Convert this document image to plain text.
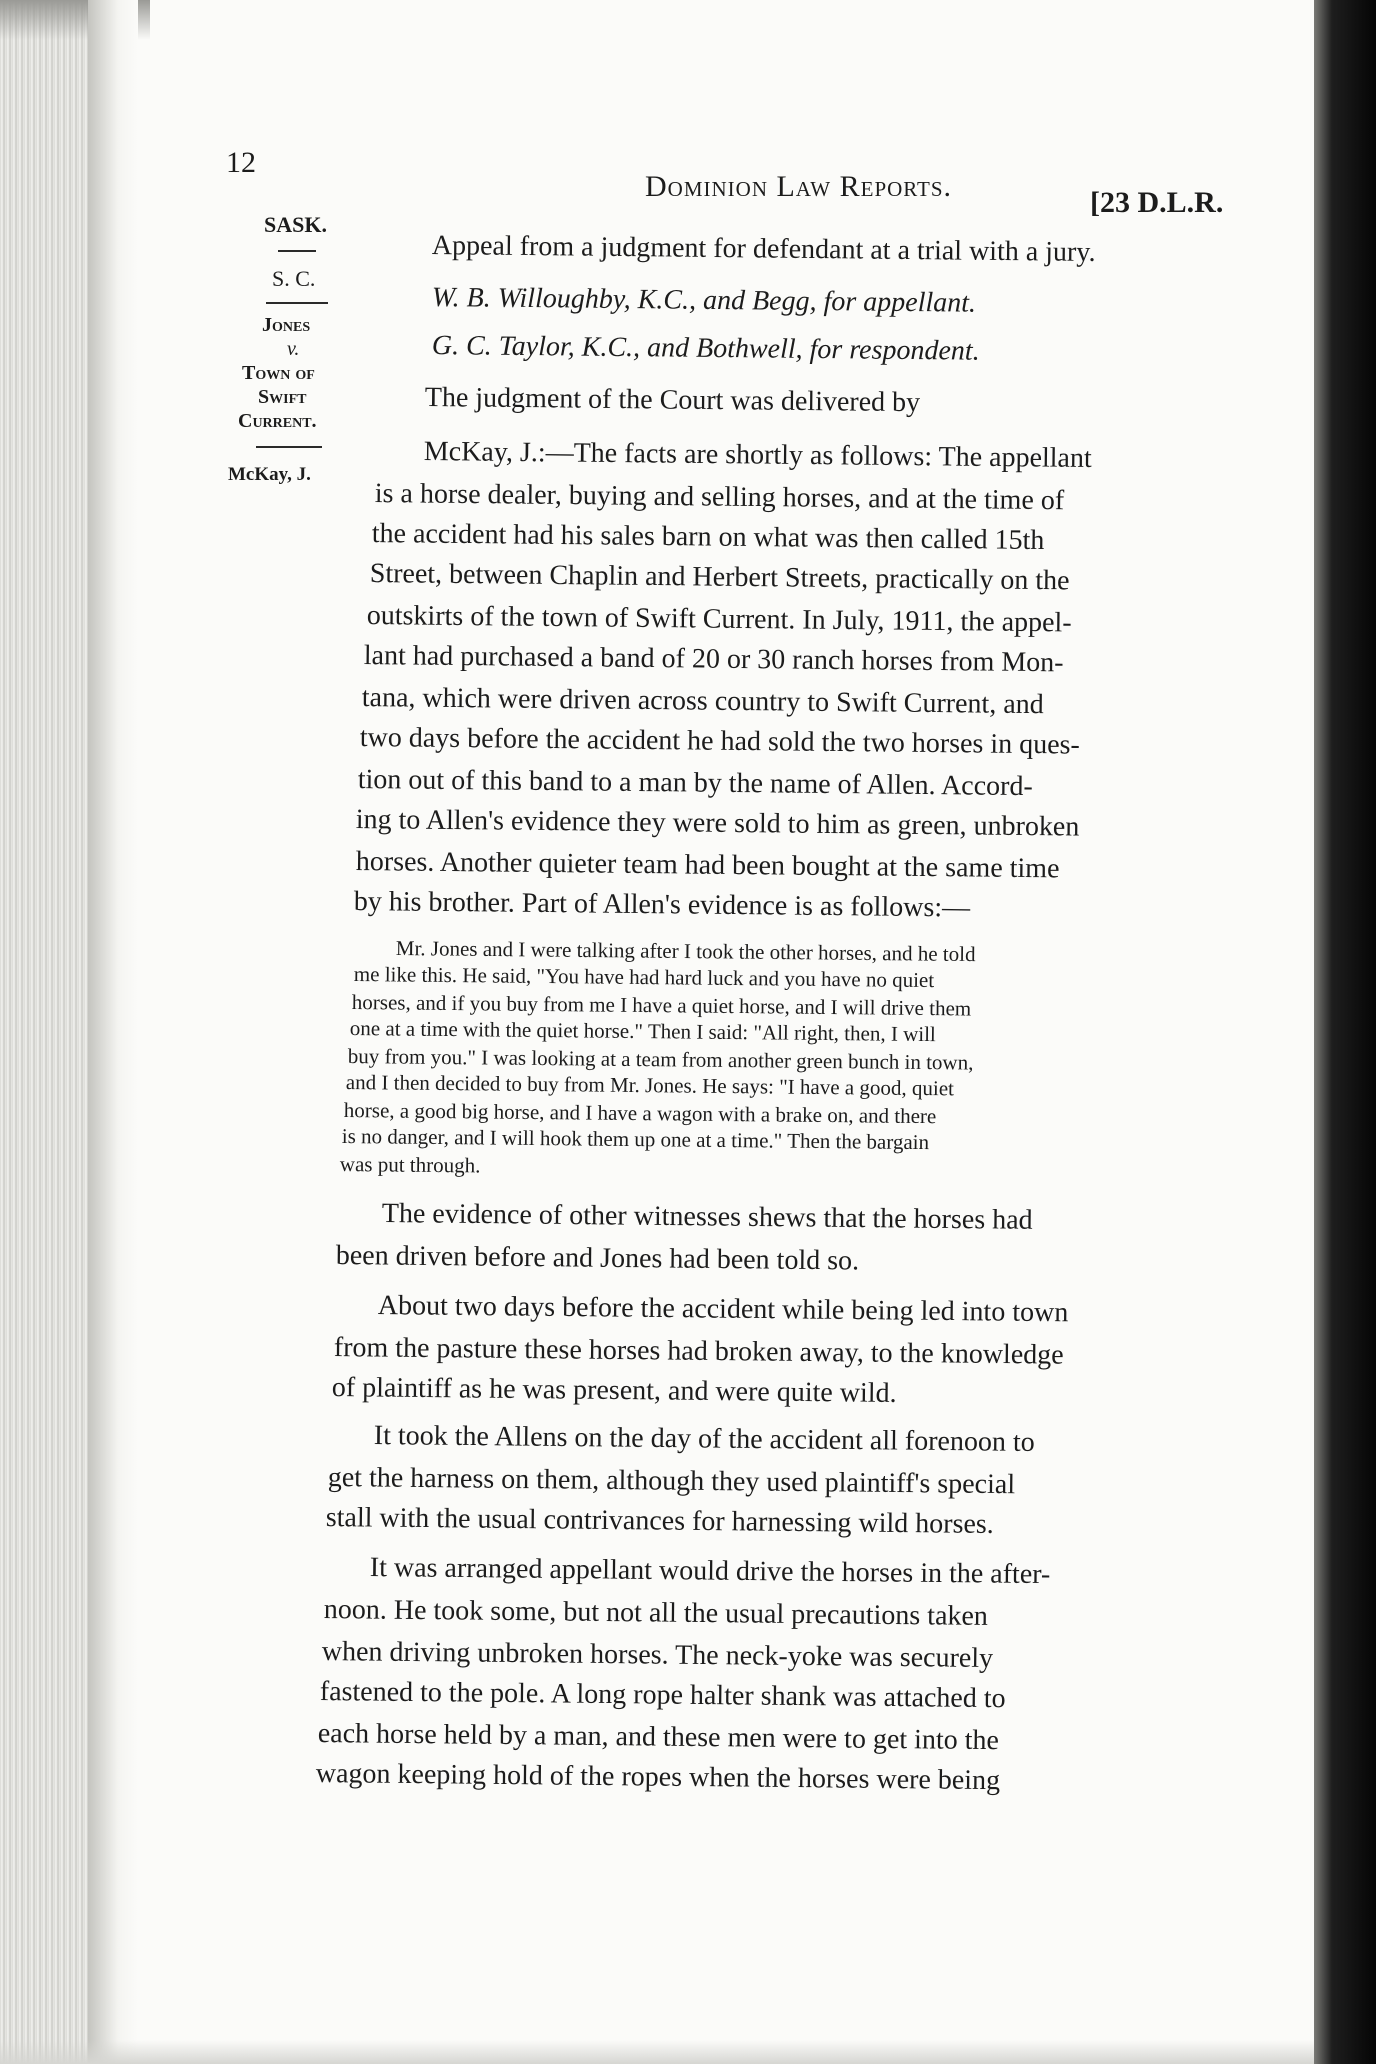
12

Dominion Law Reports.	[23 D.L.R.

SASK.

S. C.

Jones

v.

Town of

Swift

Current.

McKay, J.

Appeal from a judgment for defendant at a trial with a jury.

W. B. Willoughby, K.C., and Begg, for appellant.

G. C. Taylor, K.C., and Bothwell, for respondent.

The judgment of the Court was delivered by

McKay, J.:—The facts are shortly as follows: The appellant

is a horse dealer, buying and selling horses, and at the time of

the accident had his sales barn on what was then called 15th

Street, between Chaplin and Herbert Streets, practically on the

outskirts of the town of Swift Current. In July, 1911, the appel-

lant had purchased a band of 20 or 30 ranch horses from Mon-

tana, which were driven across country to Swift Current, and

two days before the accident he had sold the two horses in ques-

tion out of this band to a man by the name of Allen. Accord-

ing to Allen's evidence they were sold to him as green, unbroken

horses. Another quieter team had been bought at the same time

by his brother. Part of Allen's evidence is as follows:—

Mr. Jones and I were talking after I took the other horses, and he told

me like this. He said, "You have had hard luck and you have no quiet

horses, and if you buy from me I have a quiet horse, and I will drive them

one at a time with the quiet horse." Then I said: "All right, then, I will

buy from you." I was looking at a team from another green bunch in town,

and I then decided to buy from Mr. Jones. He says: "I have a good, quiet

horse, a good big horse, and I have a wagon with a brake on, and there

is no danger, and I will hook them up one at a time." Then the bargain

was put through.

The evidence of other witnesses shews that the horses had

been driven before and Jones had been told so.

About two days before the accident while being led into town

from the pasture these horses had broken away, to the knowledge

of plaintiff as he was present, and were quite wild.

It took the Allens on the day of the accident all forenoon to

get the harness on them, although they used plaintiff's special

stall with the usual contrivances for harnessing wild horses.

It was arranged appellant would drive the horses in the after-

noon. He took some, but not all the usual precautions taken

when driving unbroken horses. The neck-yoke was securely

fastened to the pole. A long rope halter shank was attached to

each horse held by a man, and these men were to get into the

wagon keeping hold of the ropes when the horses were being
